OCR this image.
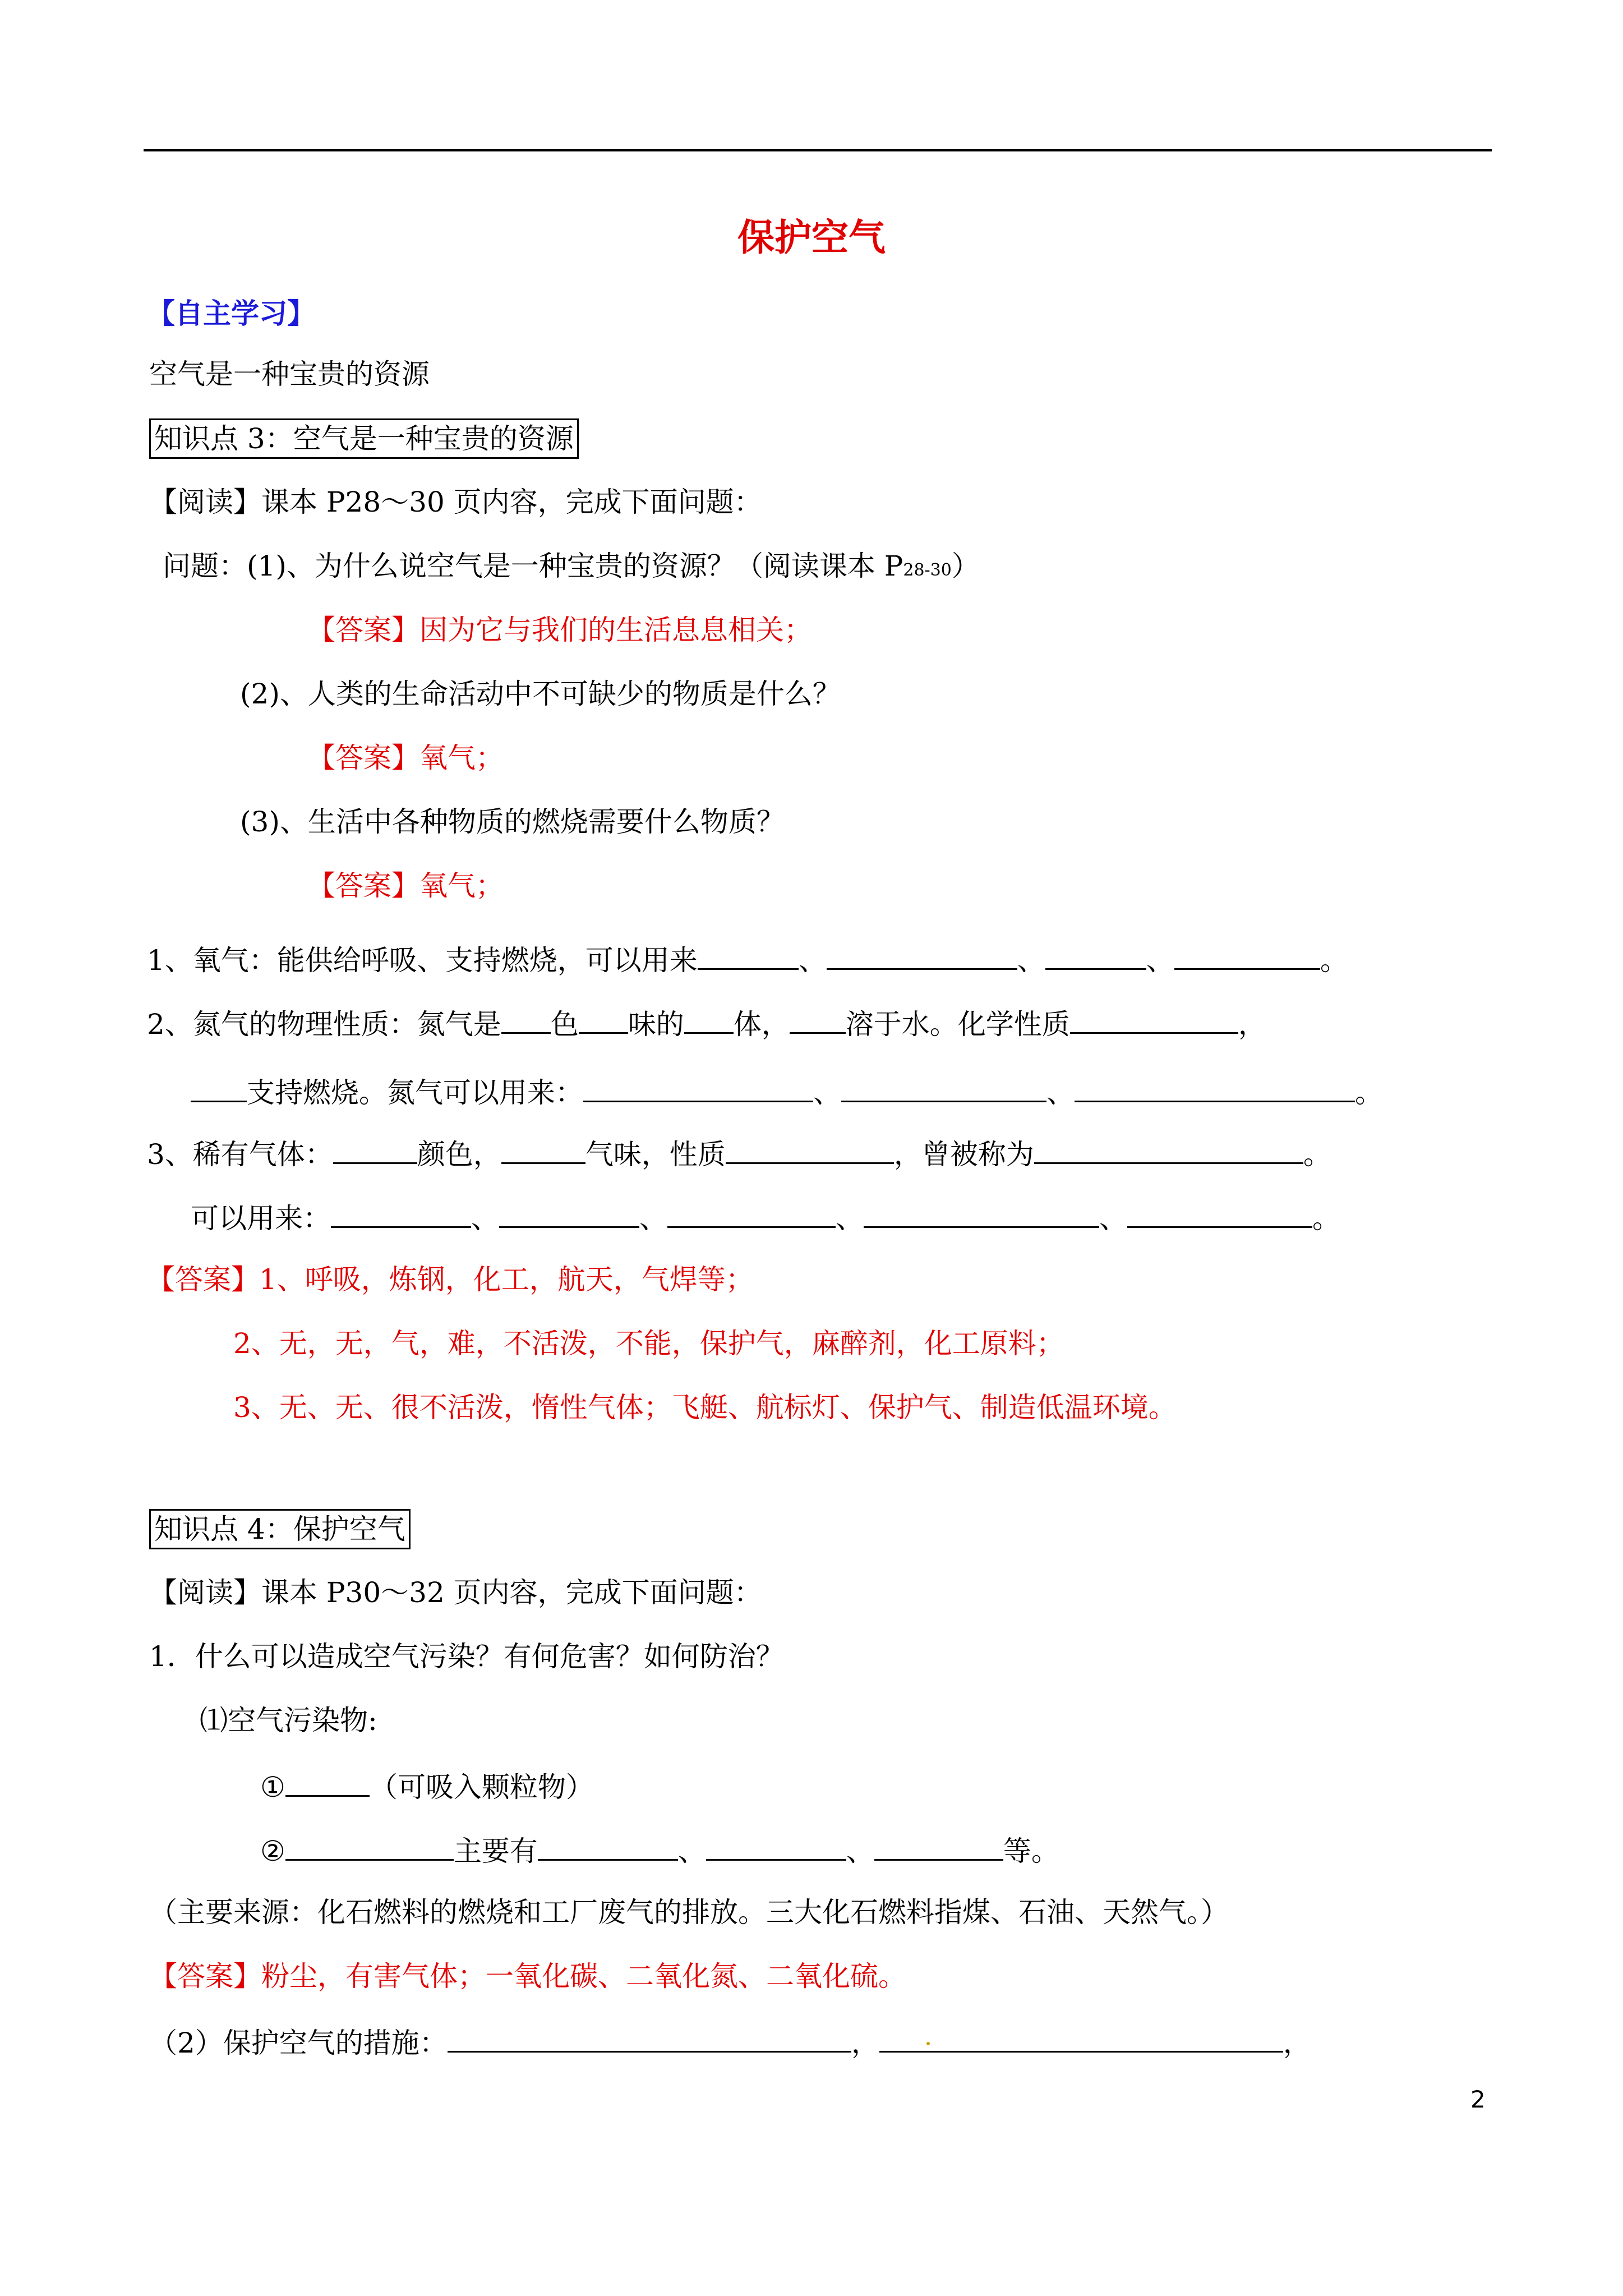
保护空气
【自主学习】
空气是一种宝贵的资源
知识点 3：空气是一种宝贵的资源
【阅读】课本 P28～30 页内容，完成下面问题：
问题：(1)、为什么说空气是一种宝贵的资源？（阅读课本 P28-30）
【答案】因为它与我们的生活息息相关；
(2)、人类的生命活动中不可缺少的物质是什么？
【答案】氧气；
(3)、生活中各种物质的燃烧需要什么物质？
【答案】氧气；
1、氧气：能供给呼吸、支持燃烧，可以用来	、	、	、	。
2、氮气的物理性质：氮气是 色 味的 体， 溶于水。化学性质	，
支持燃烧。氮气可以用来：	、	、	。
3、稀有气体：	颜色，	气味，性质	，曾被称为	。
可以用来：	、	、	、	、	。
【答案】1、呼吸，炼钢，化工，航天，气焊等；
2、无，无，气，难，不活泼，不能，保护气，麻醉剂，化工原料；
3、无、无、很不活泼，惰性气体；飞艇、航标灯、保护气、制造低温环境。
知识点 4：保护空气
【阅读】课本 P30～32 页内容，完成下面问题：
1．什么可以造成空气污染？有何危害？如何防治？
⑴空气污染物:
①	（可吸入颗粒物）
②	主要有	、	、	等。
（主要来源：化石燃料的燃烧和工厂废气的排放。三大化石燃料指煤、石油、天然气。）
【答案】粉尘，有害气体；一氧化碳、二氧化氮、二氧化硫。
（2）保护空气的措施：	，	，
2
